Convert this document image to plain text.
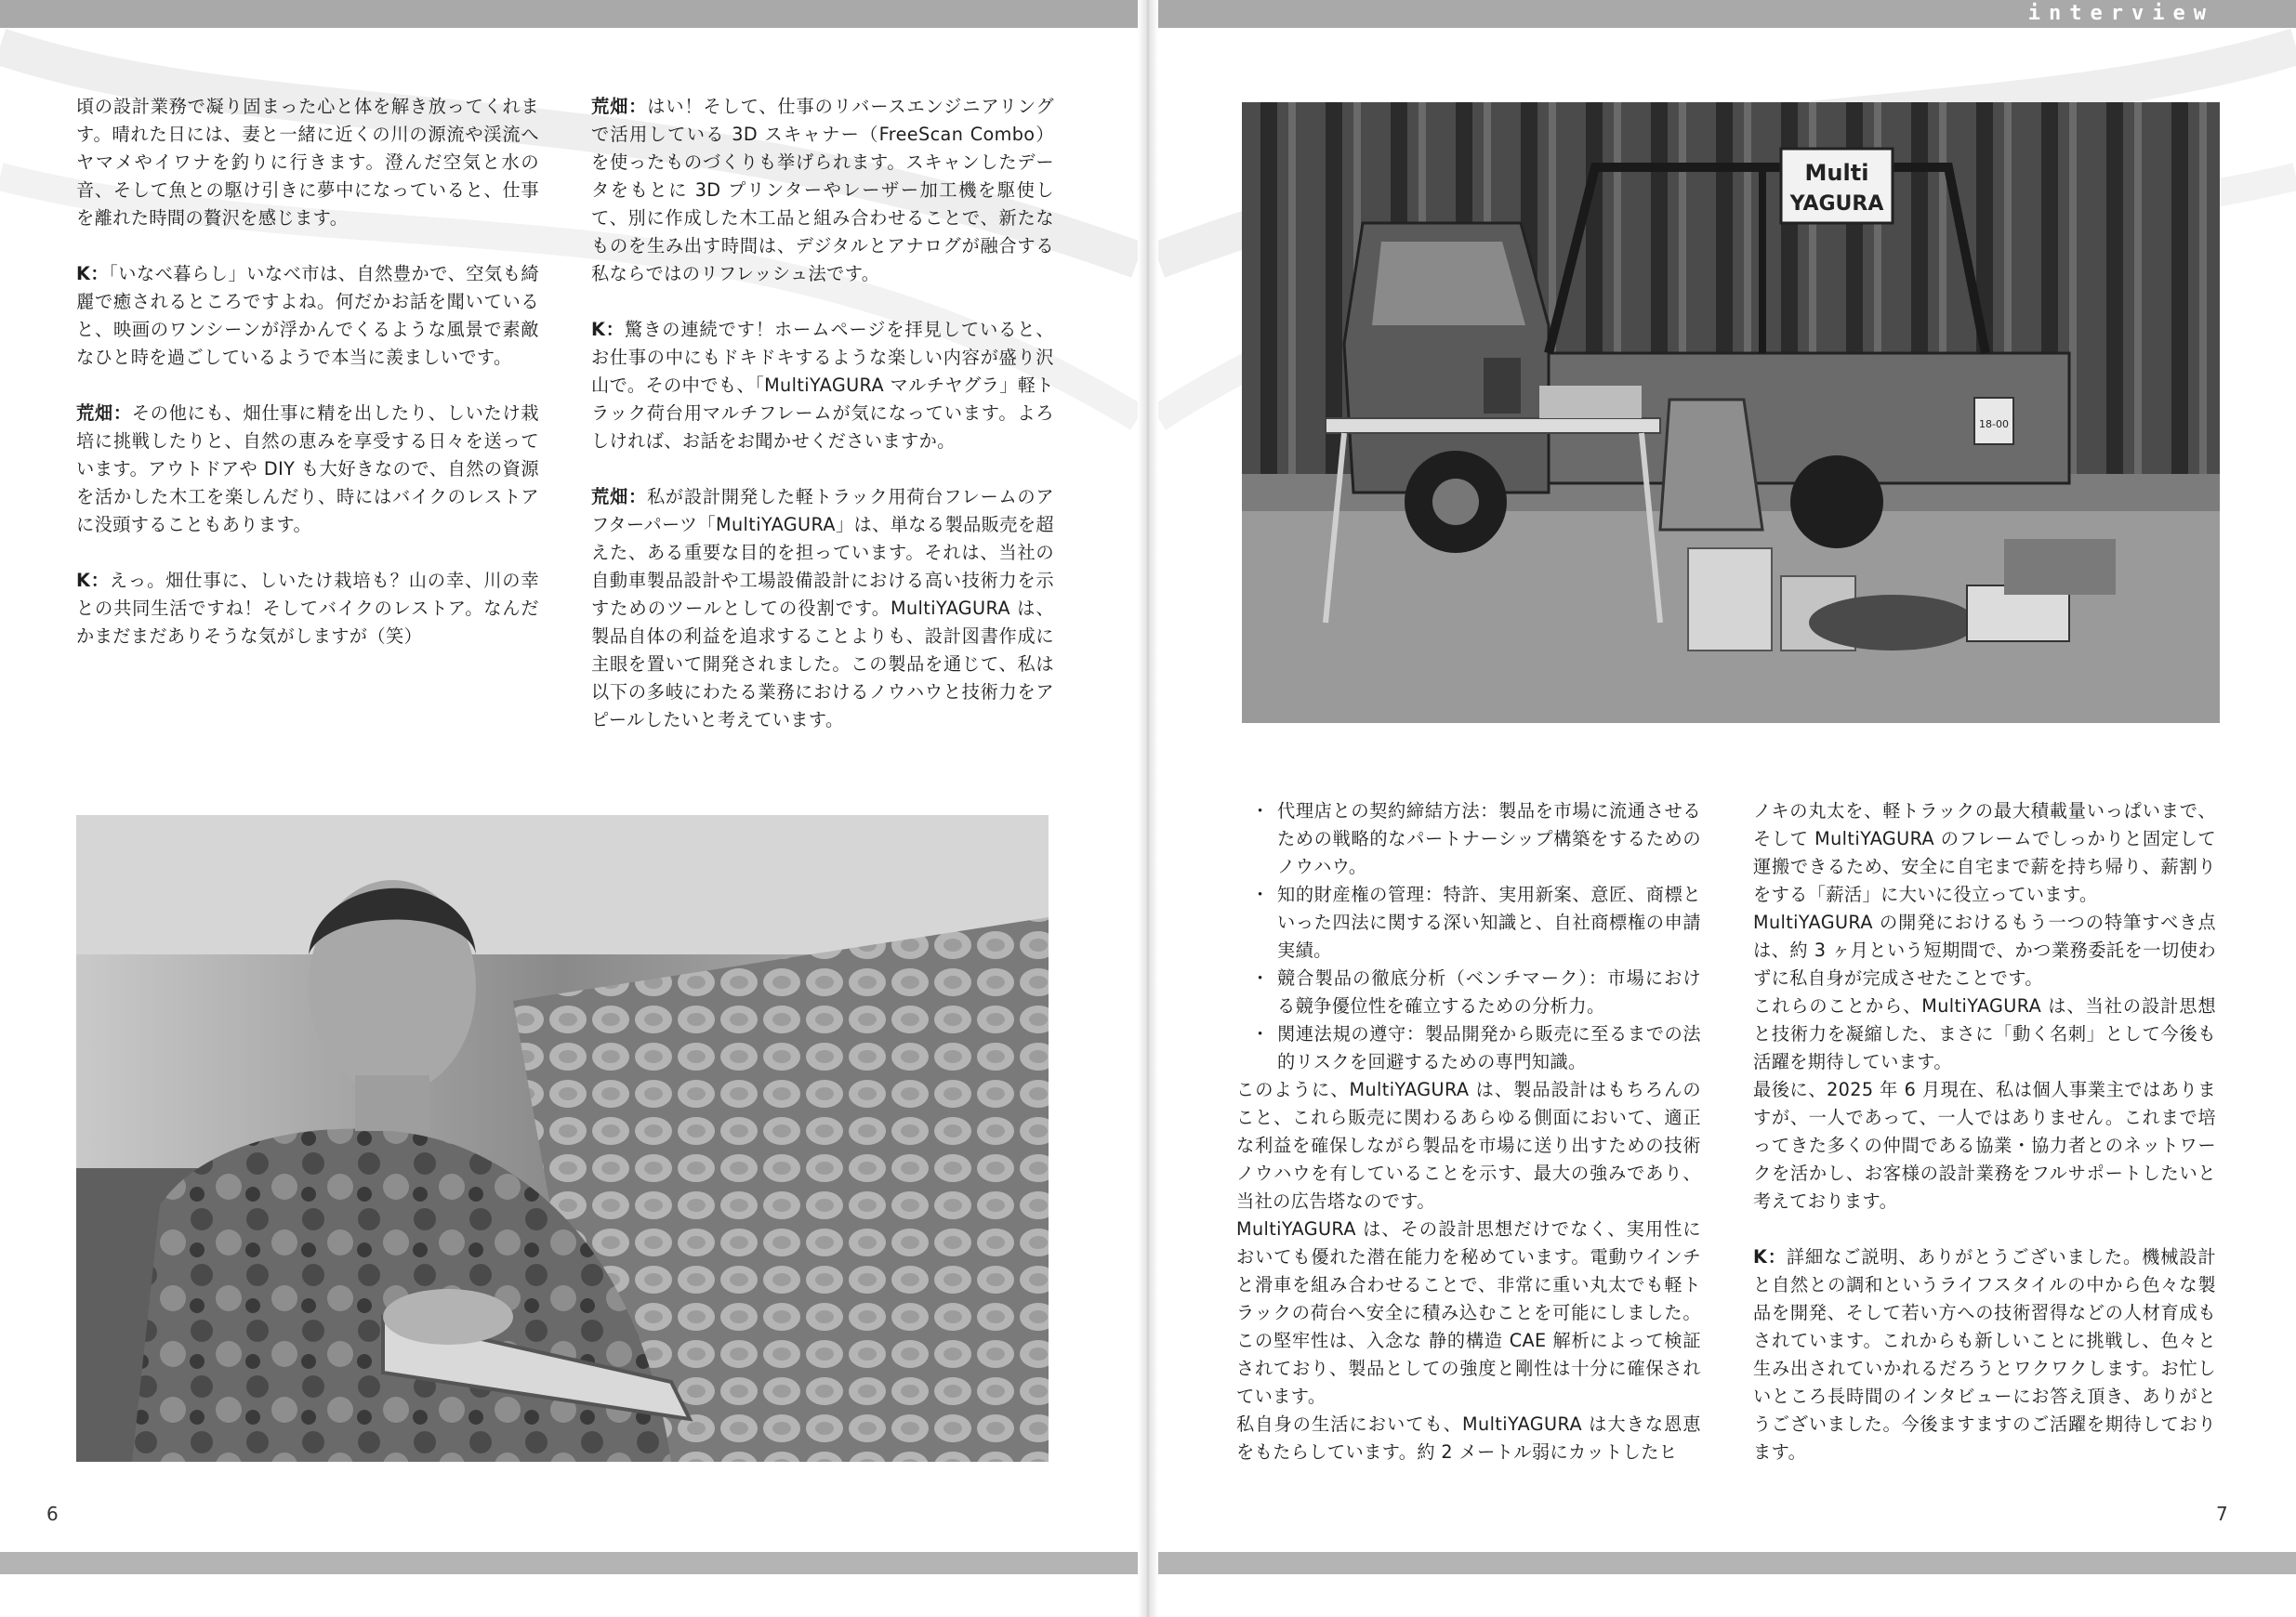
interview

頃の設計業務で凝り固まった心と体を解き放ってくれます。晴れた日には、妻と一緒に近くの川の源流や渓流へヤマメやイワナを釣りに行きます。澄んだ空気と水の音、そして魚との駆け引きに夢中になっていると、仕事を離れた時間の贅沢を感じます。

K：「いなべ暮らし」いなべ市は、自然豊かで、空気も綺麗で癒されるところですよね。何だかお話を聞いていると、映画のワンシーンが浮かんでくるような風景で素敵なひと時を過ごしているようで本当に羨ましいです。

荒畑：その他にも、畑仕事に精を出したり、しいたけ栽培に挑戦したりと、自然の恵みを享受する日々を送っています。アウトドアや DIY も大好きなので、自然の資源を活かした木工を楽しんだり、時にはバイクのレストアに没頭することもあります。

K：えっ。畑仕事に、しいたけ栽培も？山の幸、川の幸との共同生活ですね！そしてバイクのレストア。なんだかまだまだありそうな気がしますが（笑）

荒畑：はい！そして、仕事のリバースエンジニアリングで活用している 3D スキャナー（FreeScan Combo）を使ったものづくりも挙げられます。スキャンしたデータをもとに 3D プリンターやレーザー加工機を駆使して、別に作成した木工品と組み合わせることで、新たなものを生み出す時間は、デジタルとアナログが融合する私ならではのリフレッシュ法です。

K：驚きの連続です！ホームページを拝見していると、お仕事の中にもドキドキするような楽しい内容が盛り沢山で。その中でも、「MultiYAGURA マルチヤグラ」軽トラック荷台用マルチフレームが気になっています。よろしければ、お話をお聞かせくださいますか。

荒畑：私が設計開発した軽トラック用荷台フレームのアフターパーツ「MultiYAGURA」は、単なる製品販売を超えた、ある重要な目的を担っています。それは、当社の自動車製品設計や工場設備設計における高い技術力を示すためのツールとしての役割です。MultiYAGURA は、製品自体の利益を追求することよりも、設計図書作成に主眼を置いて開発されました。この製品を通じて、私は以下の多岐にわたる業務におけるノウハウと技術力をアピールしたいと考えています。

6
Multi
YAGURA
18-00
・ 代理店との契約締結方法：製品を市場に流通させるための戦略的なパートナーシップ構築をするためのノウハウ。
・ 知的財産権の管理：特許、実用新案、意匠、商標といった四法に関する深い知識と、自社商標権の申請実績。
・ 競合製品の徹底分析（ベンチマーク）：市場における競争優位性を確立するための分析力。
・ 関連法規の遵守：製品開発から販売に至るまでの法的リスクを回避するための専門知識。

このように、MultiYAGURA は、製品設計はもちろんのこと、これら販売に関わるあらゆる側面において、適正な利益を確保しながら製品を市場に送り出すための技術ノウハウを有していることを示す、最大の強みであり、当社の広告塔なのです。

MultiYAGURA は、その設計思想だけでなく、実用性においても優れた潜在能力を秘めています。電動ウインチと滑車を組み合わせることで、非常に重い丸太でも軽トラックの荷台へ安全に積み込むことを可能にしました。この堅牢性は、入念な 静的構造 CAE 解析によって検証されており、製品としての強度と剛性は十分に確保されています。

私自身の生活においても、MultiYAGURA は大きな恩恵をもたらしています。約 2 メートル弱にカットしたヒ

ノキの丸太を、軽トラックの最大積載量いっぱいまで、そして MultiYAGURA のフレームでしっかりと固定して運搬できるため、安全に自宅まで薪を持ち帰り、薪割りをする「薪活」に大いに役立っています。

MultiYAGURA の開発におけるもう一つの特筆すべき点は、約 3 ヶ月という短期間で、かつ業務委託を一切使わずに私自身が完成させたことです。

これらのことから、MultiYAGURA は、当社の設計思想と技術力を凝縮した、まさに「動く名刺」として今後も活躍を期待しています。

最後に、2025 年 6 月現在、私は個人事業主ではありますが、一人であって、一人ではありません。これまで培ってきた多くの仲間である協業・協力者とのネットワークを活かし、お客様の設計業務をフルサポートしたいと考えております。

K：詳細なご説明、ありがとうございました。機械設計と自然との調和というライフスタイルの中から色々な製品を開発、そして若い方への技術習得などの人材育成もされています。これからも新しいことに挑戦し、色々と生み出されていかれるだろうとワクワクします。お忙しいところ長時間のインタビューにお答え頂き、ありがとうございました。今後ますますのご活躍を期待しております。

7
